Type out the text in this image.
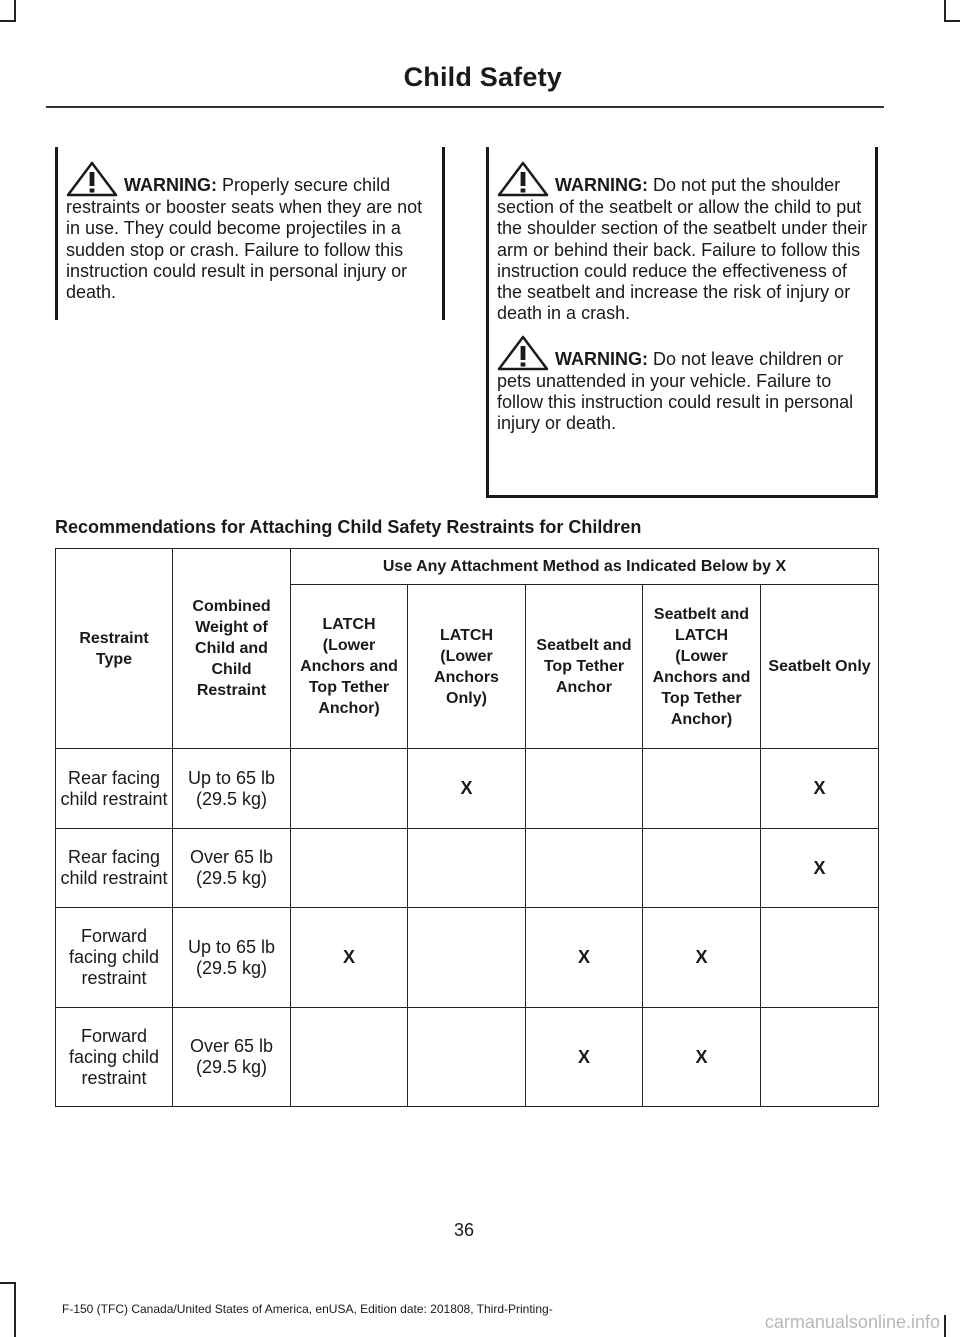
Child Safety
WARNING: Properly secure child restraints or booster seats when they are not in use. They could become projectiles in a sudden stop or crash. Failure to follow this instruction could result in personal injury or death.
WARNING: Do not put the shoulder section of the seatbelt or allow the child to put the shoulder section of the seatbelt under their arm or behind their back. Failure to follow this instruction could reduce the effectiveness of the seatbelt and increase the risk of injury or death in a crash.
WARNING: Do not leave children or pets unattended in your vehicle. Failure to follow this instruction could result in personal injury or death.
Recommendations for Attaching Child Safety Restraints for Children
Restraint Type	Combined Weight of Child and Child Restraint	Use Any Attachment Method as Indicated Below by X				
		LATCH (Lower Anchors and Top Tether Anchor)	LATCH (Lower Anchors Only)	Seatbelt and Top Tether Anchor	Seatbelt and LATCH (Lower Anchors and Top Tether Anchor)	Seatbelt Only
Rear facing child restraint	Up to 65 lb (29.5 kg)		X			X
Rear facing child restraint	Over 65 lb (29.5 kg)					X
Forward facing child restraint	Up to 65 lb (29.5 kg)	X		X	X	
Forward facing child restraint	Over 65 lb (29.5 kg)			X	X	
36
F-150 (TFC) Canada/United States of America, enUSA, Edition date: 201808, Third-Printing-
carmanualsonline.info
